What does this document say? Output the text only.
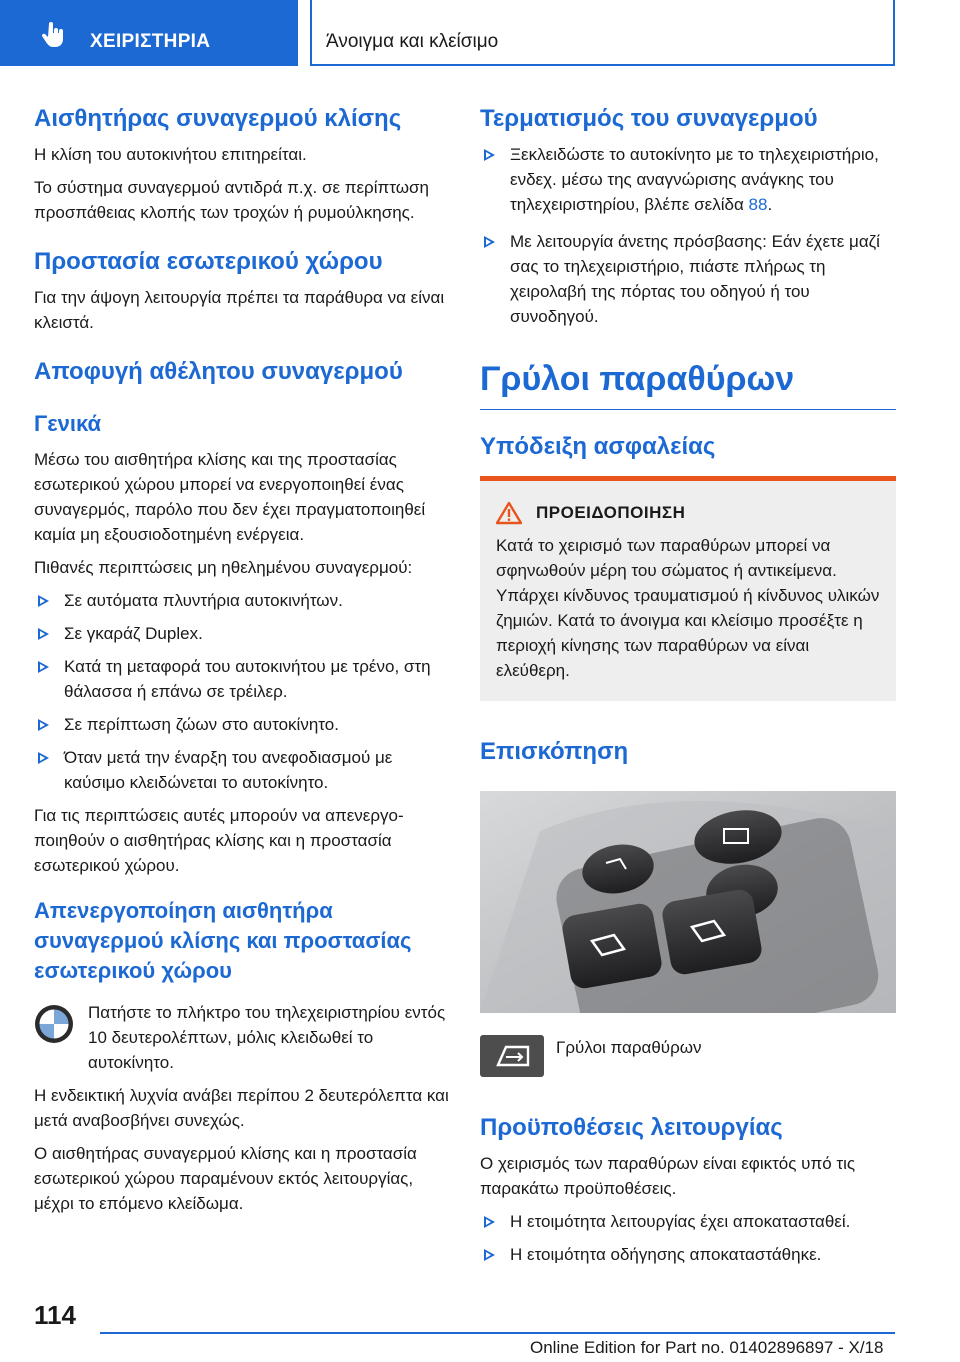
ΧΕΙΡΙΣΤΗΡΙΑ	Άνοιγμα και κλείσιμο
Αισθητήρας συναγερμού κλίσης

Η κλίση του αυτοκινήτου επιτηρείται.

Το σύστημα συναγερμού αντιδρά π.χ. σε περίπτωση προσπάθειας κλοπής των τροχών ή ρυμούλκησης.

Προστασία εσωτερικού χώρου

Για την άψογη λειτουργία πρέπει τα παράθυρα να είναι κλειστά.

Αποφυγή αθέλητου συναγερμού
Γενικά

Μέσω του αισθητήρα κλίσης και της προστασίας εσωτερικού χώρου μπορεί να ενεργοποιηθεί ένας συναγερμός, παρόλο που δεν έχει πραγματοποιηθεί καμία μη εξουσιοδοτημένη ενέργεια.

Πιθανές περιπτώσεις μη ηθελημένου συναγερμού:

Σε αυτόματα πλυντήρια αυτοκινήτων.
Σε γκαράζ Duplex.
Κατά τη μεταφορά του αυτοκινήτου με τρένο, στη θάλασσα ή επάνω σε τρέιλερ.
Σε περίπτωση ζώων στο αυτοκίνητο.
Όταν μετά την έναρξη του ανεφοδιασμού με καύσιμο κλειδώνεται το αυτοκίνητο.

Για τις περιπτώσεις αυτές μπορούν να απενεργοποιηθούν ο αισθητήρας κλίσης και η προστασία εσωτερικού χώρου.

Απενεργοποίηση αισθητήρα συναγερμού κλίσης και προστασίας εσωτερικού χώρου

Πατήστε το πλήκτρο του τηλεχειριστηρίου εντός 10 δευτερολέπτων, μόλις κλειδωθεί το αυτοκίνητο.

Η ενδεικτική λυχνία ανάβει περίπου 2 δευτερόλεπτα και μετά αναβοσβήνει συνεχώς.

Ο αισθητήρας συναγερμού κλίσης και η προστασία εσωτερικού χώρου παραμένουν εκτός λειτουργίας, μέχρι το επόμενο κλείδωμα.

Τερματισμός του συναγερμού
Ξεκλειδώστε το αυτοκίνητο με το τηλεχειριστήριο, ενδεχ. μέσω της αναγνώρισης ανάγκης του τηλεχειριστηρίου, βλέπε σελίδα 88.
Με λειτουργία άνετης πρόσβασης: Εάν έχετε μαζί σας το τηλεχειριστήριο, πιάστε πλήρως τη χειρολαβή της πόρτας του οδηγού ή του συνοδηγού.
Γρύλοι παραθύρων
Υπόδειξη ασφαλείας
ΠΡΟΕΙΔΟΠΟΙΗΣΗ

Κατά το χειρισμό των παραθύρων μπορεί να σφηνωθούν μέρη του σώματος ή αντικείμενα. Υπάρχει κίνδυνος τραυματισμού ή κίνδυνος υλικών ζημιών. Κατά το άνοιγμα και κλείσιμο προσέξτε η περιοχή κίνησης των παραθύρων να είναι ελεύθερη.

Επισκόπηση

Γρύλοι παραθύρων

Προϋποθέσεις λειτουργίας

Ο χειρισμός των παραθύρων είναι εφικτός υπό τις παρακάτω προϋποθέσεις.

Η ετοιμότητα λειτουργίας έχει αποκατασταθεί.
Η ετοιμότητα οδήγησης αποκαταστάθηκε.
114
Online Edition for Part no. 01402896897 - X/18
